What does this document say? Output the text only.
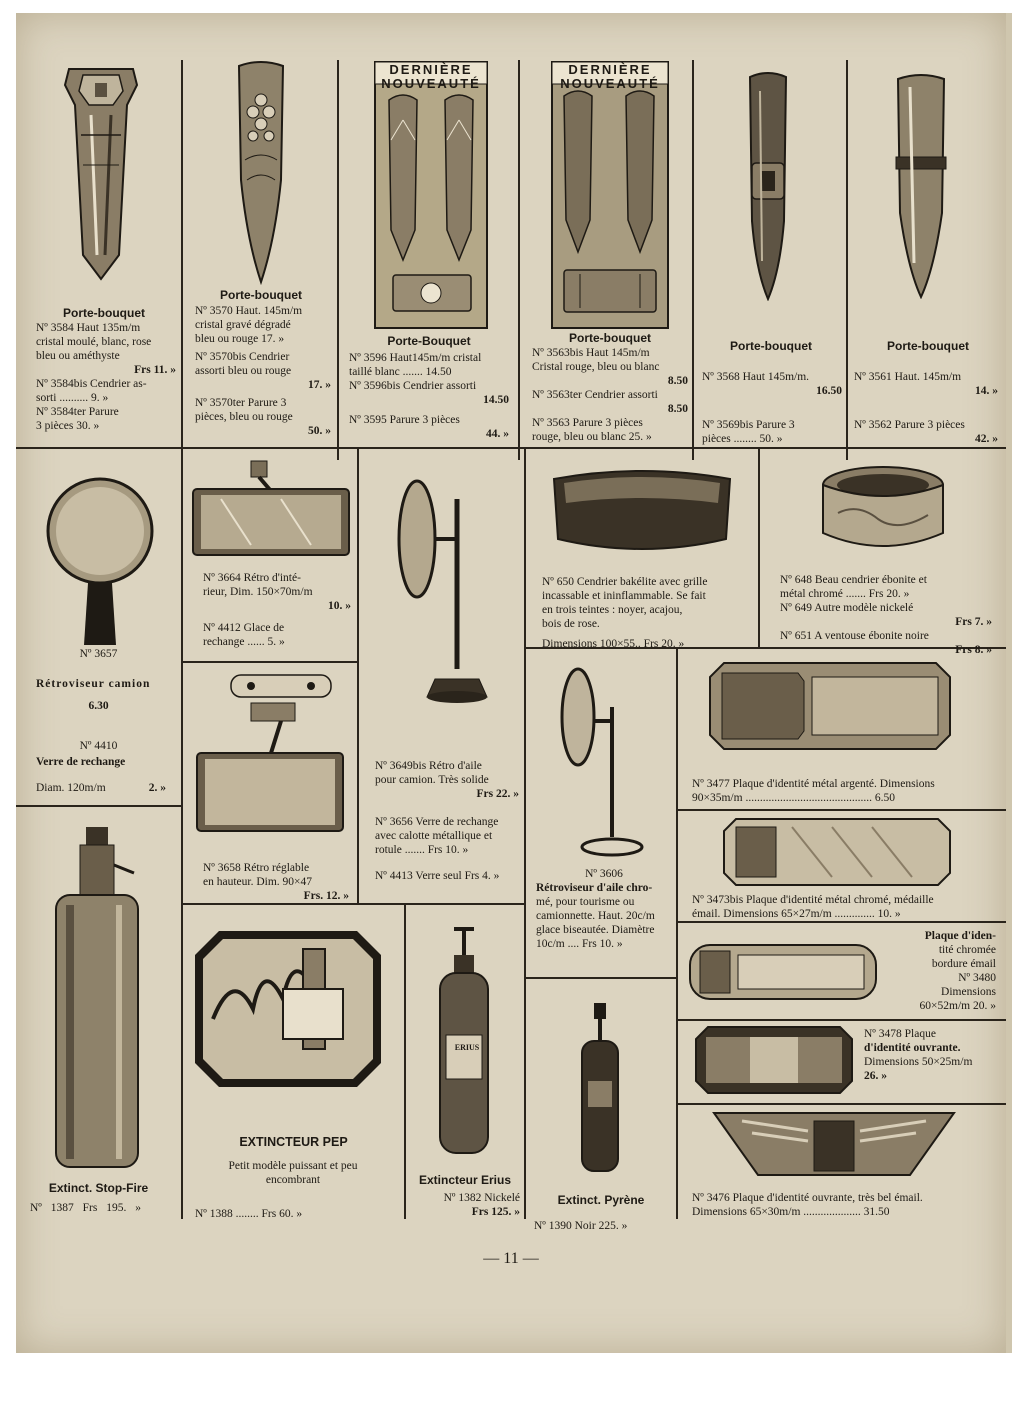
Porte-bouquet
Nº 3584 Haut 135m/m
cristal moulé, blanc, rose
bleu ou améthyste
Frs 11. »
Nº 3584bis Cendrier as-
sorti .......... 9. »
Nº 3584ter Parure
3 pièces 30. »
Porte-bouquet
Nº 3570 Haut. 145m/m
cristal gravé dégradé
bleu ou rouge 17. »
Nº 3570bis Cendrier
assorti bleu ou rouge
17. »
Nº 3570ter Parure 3
pièces, bleu ou rouge
50. »
DERNIÈRE NOUVEAUTÉ
Porte-Bouquet
Nº 3596 Haut145m/m cristal
taillé blanc ....... 14.50
Nº 3596bis Cendrier assorti
14.50
Nº 3595 Parure 3 pièces
44. »
DERNIÈRE NOUVEAUTÉ
Porte-bouquet
Nº 3563bis Haut 145m/m
Cristal rouge, bleu ou blanc
8.50
Nº 3563ter Cendrier assorti
8.50
Nº 3563 Parure 3 pièces
rouge, bleu ou blanc 25. »
Porte-bouquet
Nº 3568 Haut 145m/m.
16.50
Nº 3569bis Parure 3
pièces ........ 50. »
Porte-bouquet
Nº 3561 Haut. 145m/m
14. »
Nº 3562 Parure 3 pièces
42. »
Nº 3657
Rétroviseur camion
6.30
Nº 4410
Verre de rechange
Diam. 120m/m	2. »
Nº 3664 Rétro d'inté-
rieur, Dim. 150×70m/m
10. »
Nº 4412 Glace de
rechange ...... 5. »
Nº 3658 Rétro réglable
en hauteur. Dim. 90×47
Frs. 12. »
Nº 3649bis Rétro d'aile
pour camion. Très solide
Frs 22. »
Nº 3656 Verre de rechange
avec calotte métallique et
rotule ....... Frs 10. »
Nº 4413 Verre seul Frs 4. »
Nº 650 Cendrier bakélite avec grille
incassable et ininflammable. Se fait
en trois teintes : noyer, acajou,
bois de rose.
Dimensions 100×55.. Frs 20. »
Nº 648 Beau cendrier ébonite et
métal chromé ....... Frs 20. »
Nº 649 Autre modèle nickelé
Frs 7. »
Nº 651 A ventouse ébonite noire
Frs 8. »
Nº 3606
Rétroviseur d'aile chro-
mé, pour tourisme ou
camionnette. Haut. 20c/m
glace biseautée. Diamètre
10c/m .... Frs 10. »
Nº 3477 Plaque d'identité métal argenté. Dimensions
90×35m/m ............................................ 6.50
Nº 3473bis Plaque d'identité métal chromé, médaille
émail. Dimensions 65×27m/m .............. 10. »
Plaque d'iden-
tité chromée
bordure émail
Nº 3480
Dimensions
60×52m/m 20. »
Nº 3478 Plaque
d'identité ouvrante.
Dimensions 50×25m/m
26. »
Nº 3476 Plaque d'identité ouvrante, très bel émail.
Dimensions 65×30m/m .................... 31.50
Extinct. Stop-Fire
Nº 1387 Frs 195. »
EXTINCTEUR PEP
Petit modèle puissant et peu
encombrant
Nº 1388 ........ Frs 60. »
ERIUS
Extincteur Erius
Nº 1382 Nickelé
Frs 125. »
Extinct. Pyrène
Nº 1390 Noir 225. »
— 11 —
